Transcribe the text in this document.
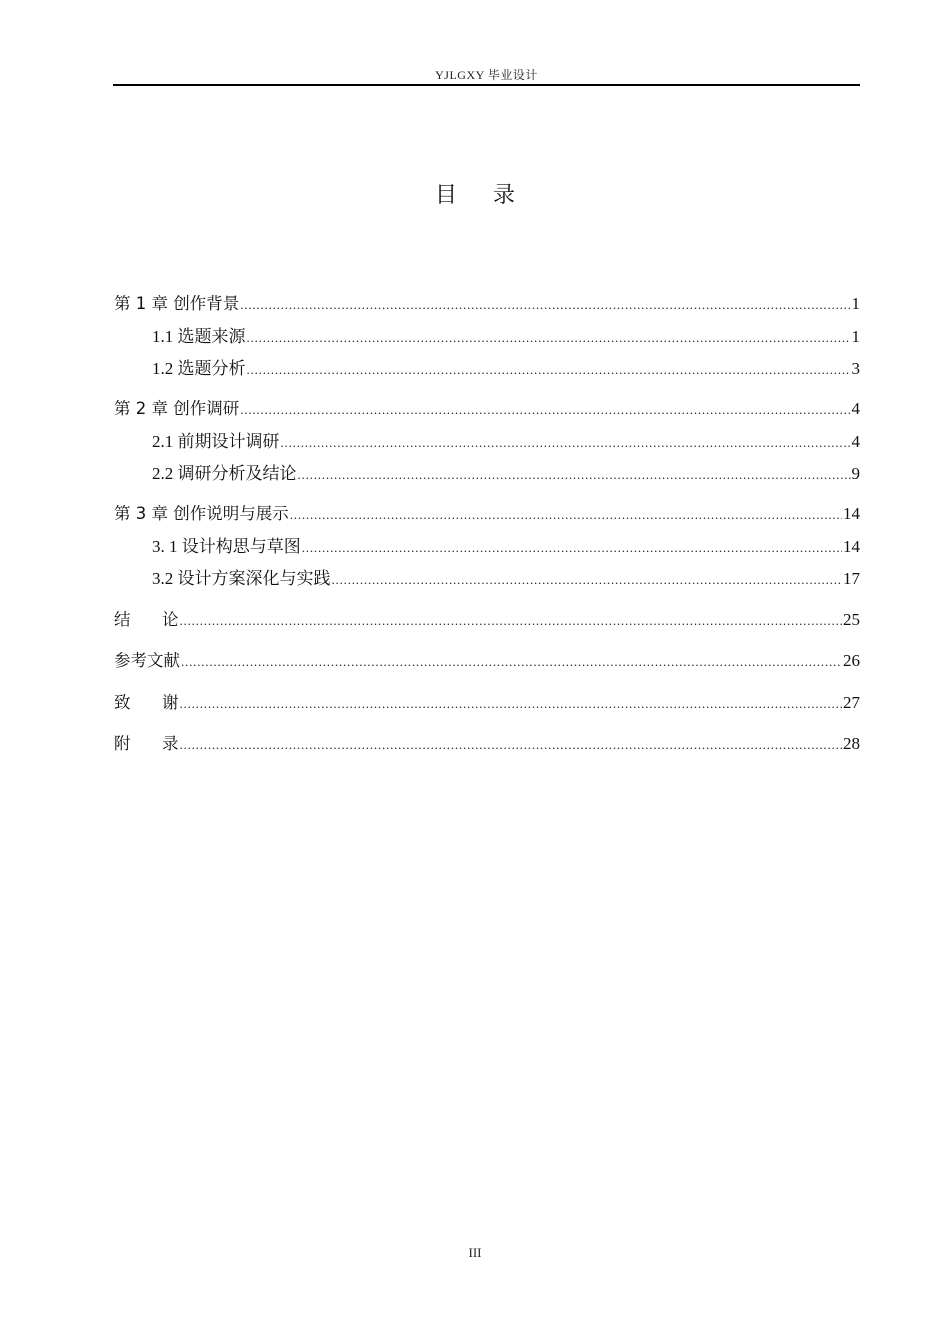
YJLGXY 毕业设计
目 录
第 1 章 创作背景 .....	1
1.1 选题来源 .....	1
1.2 选题分析 .....	3
第 2 章 创作调研 .....	4
2.1 前期设计调研 .....	4
2.2 调研分析及结论 .....	9
第 3 章 创作说明与展示 .....	14
3. 1 设计构思与草图 .....	14
3.2 设计方案深化与实践 .....	17
结      论 .....	25
参考文献 .....	26
致      谢 .....	27
附      录 .....	28
III
